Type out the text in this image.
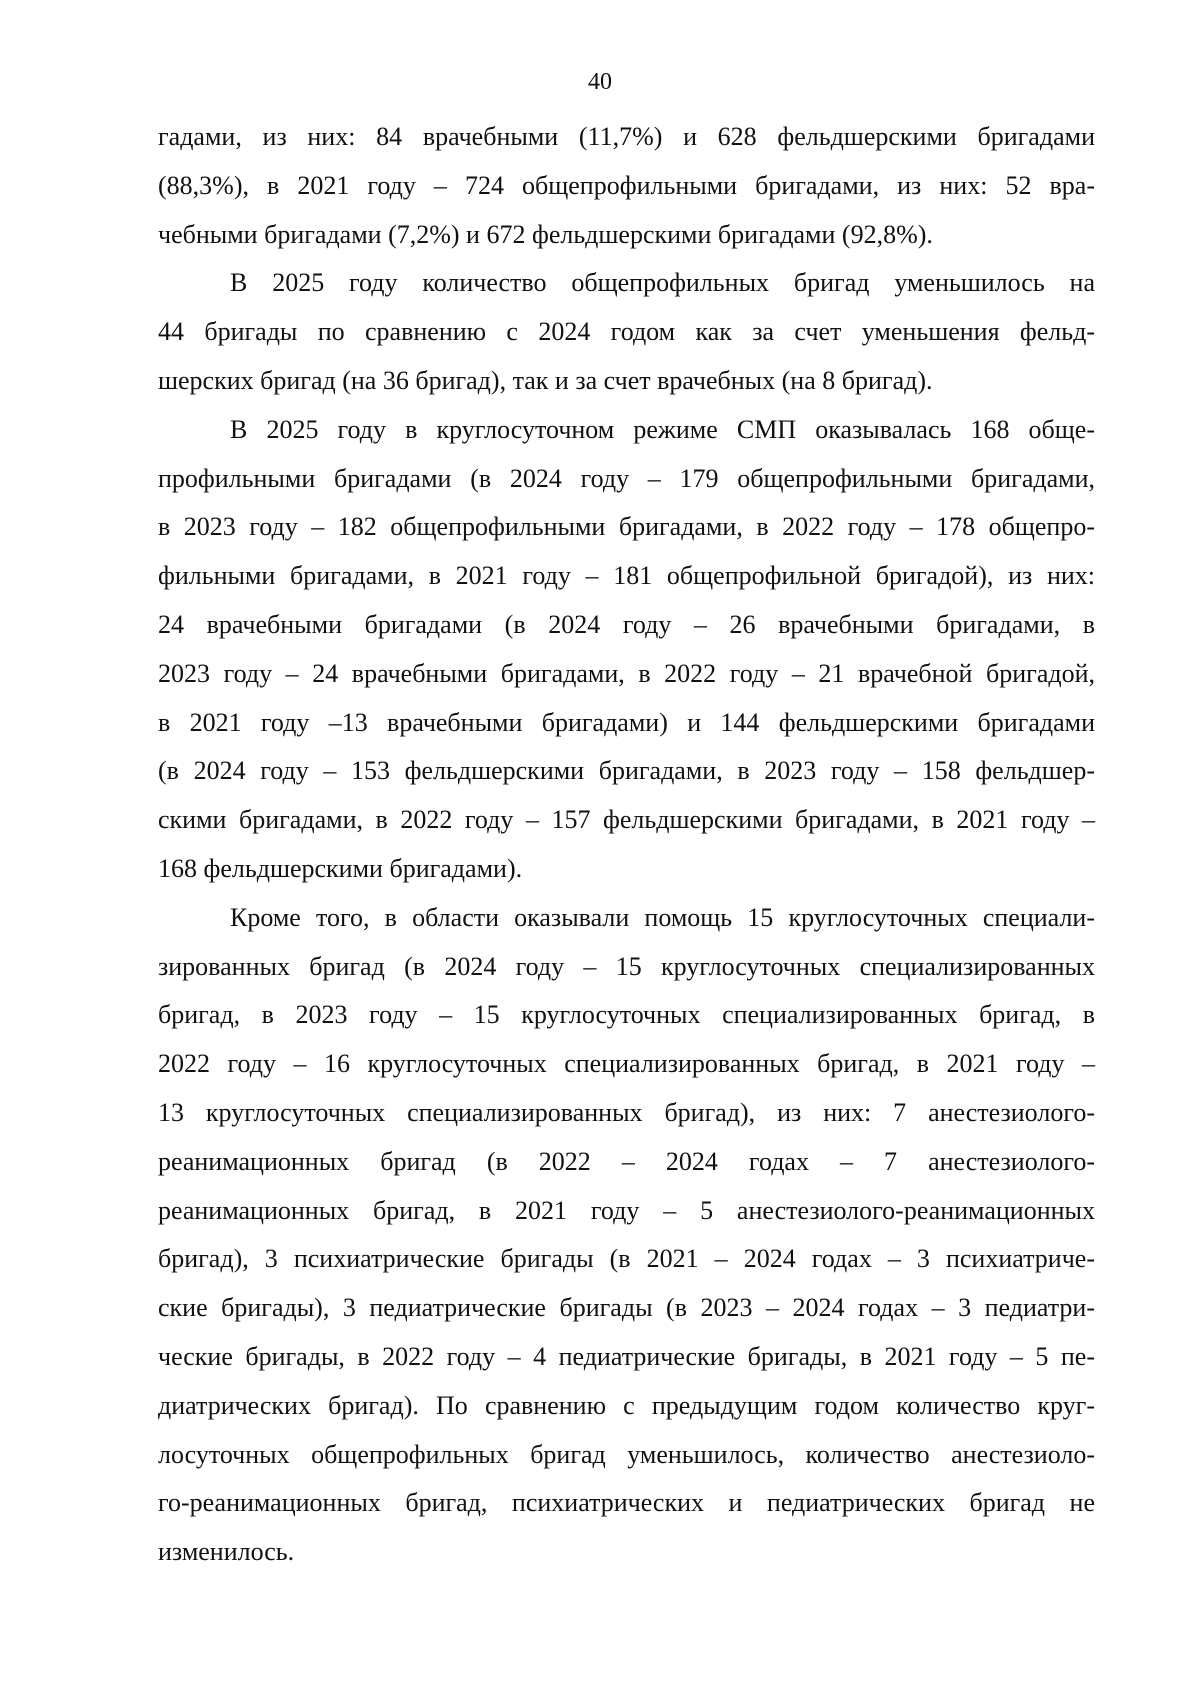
40

гадами, из них: 84 врачебными (11,7%) и 628 фельдшерскими бригадами
(88,3%), в 2021 году – 724 общепрофильными бригадами, из них: 52 вра-
чебными бригадами (7,2%) и 672 фельдшерскими бригадами (92,8%).

В 2025 году количество общепрофильных бригад уменьшилось на
44 бригады по сравнению с 2024 годом как за счет уменьшения фельд-
шерских бригад (на 36 бригад), так и за счет врачебных (на 8 бригад).

В 2025 году в круглосуточном режиме СМП оказывалась 168 обще-
профильными бригадами (в 2024 году – 179 общепрофильными бригадами,
в 2023 году – 182 общепрофильными бригадами, в 2022 году – 178 общепро-
фильными бригадами, в 2021 году – 181 общепрофильной бригадой), из них:
24 врачебными бригадами (в 2024 году – 26 врачебными бригадами, в
2023 году – 24 врачебными бригадами, в 2022 году – 21 врачебной бригадой,
в 2021 году –13 врачебными бригадами) и 144 фельдшерскими бригадами
(в 2024 году – 153 фельдшерскими бригадами, в 2023 году – 158 фельдшер-
скими бригадами, в 2022 году – 157 фельдшерскими бригадами, в 2021 году –
168 фельдшерскими бригадами).

Кроме того, в области оказывали помощь 15 круглосуточных специали-
зированных бригад (в 2024 году – 15 круглосуточных специализированных
бригад, в 2023 году – 15 круглосуточных специализированных бригад, в
2022 году – 16 круглосуточных специализированных бригад, в 2021 году –
13 круглосуточных специализированных бригад), из них: 7 анестезиолого-
реанимационных бригад (в 2022 – 2024 годах – 7 анестезиолого-
реанимационных бригад, в 2021 году – 5 анестезиолого-реанимационных
бригад), 3 психиатрические бригады (в 2021 – 2024 годах – 3 психиатриче-
ские бригады), 3 педиатрические бригады (в 2023 – 2024 годах – 3 педиатри-
ческие бригады, в 2022 году – 4 педиатрические бригады, в 2021 году – 5 пе-
диатрических бригад). По сравнению с предыдущим годом количество круг-
лосуточных общепрофильных бригад уменьшилось, количество анестезиоло-
го-реанимационных бригад, психиатрических и педиатрических бригад не
изменилось.
